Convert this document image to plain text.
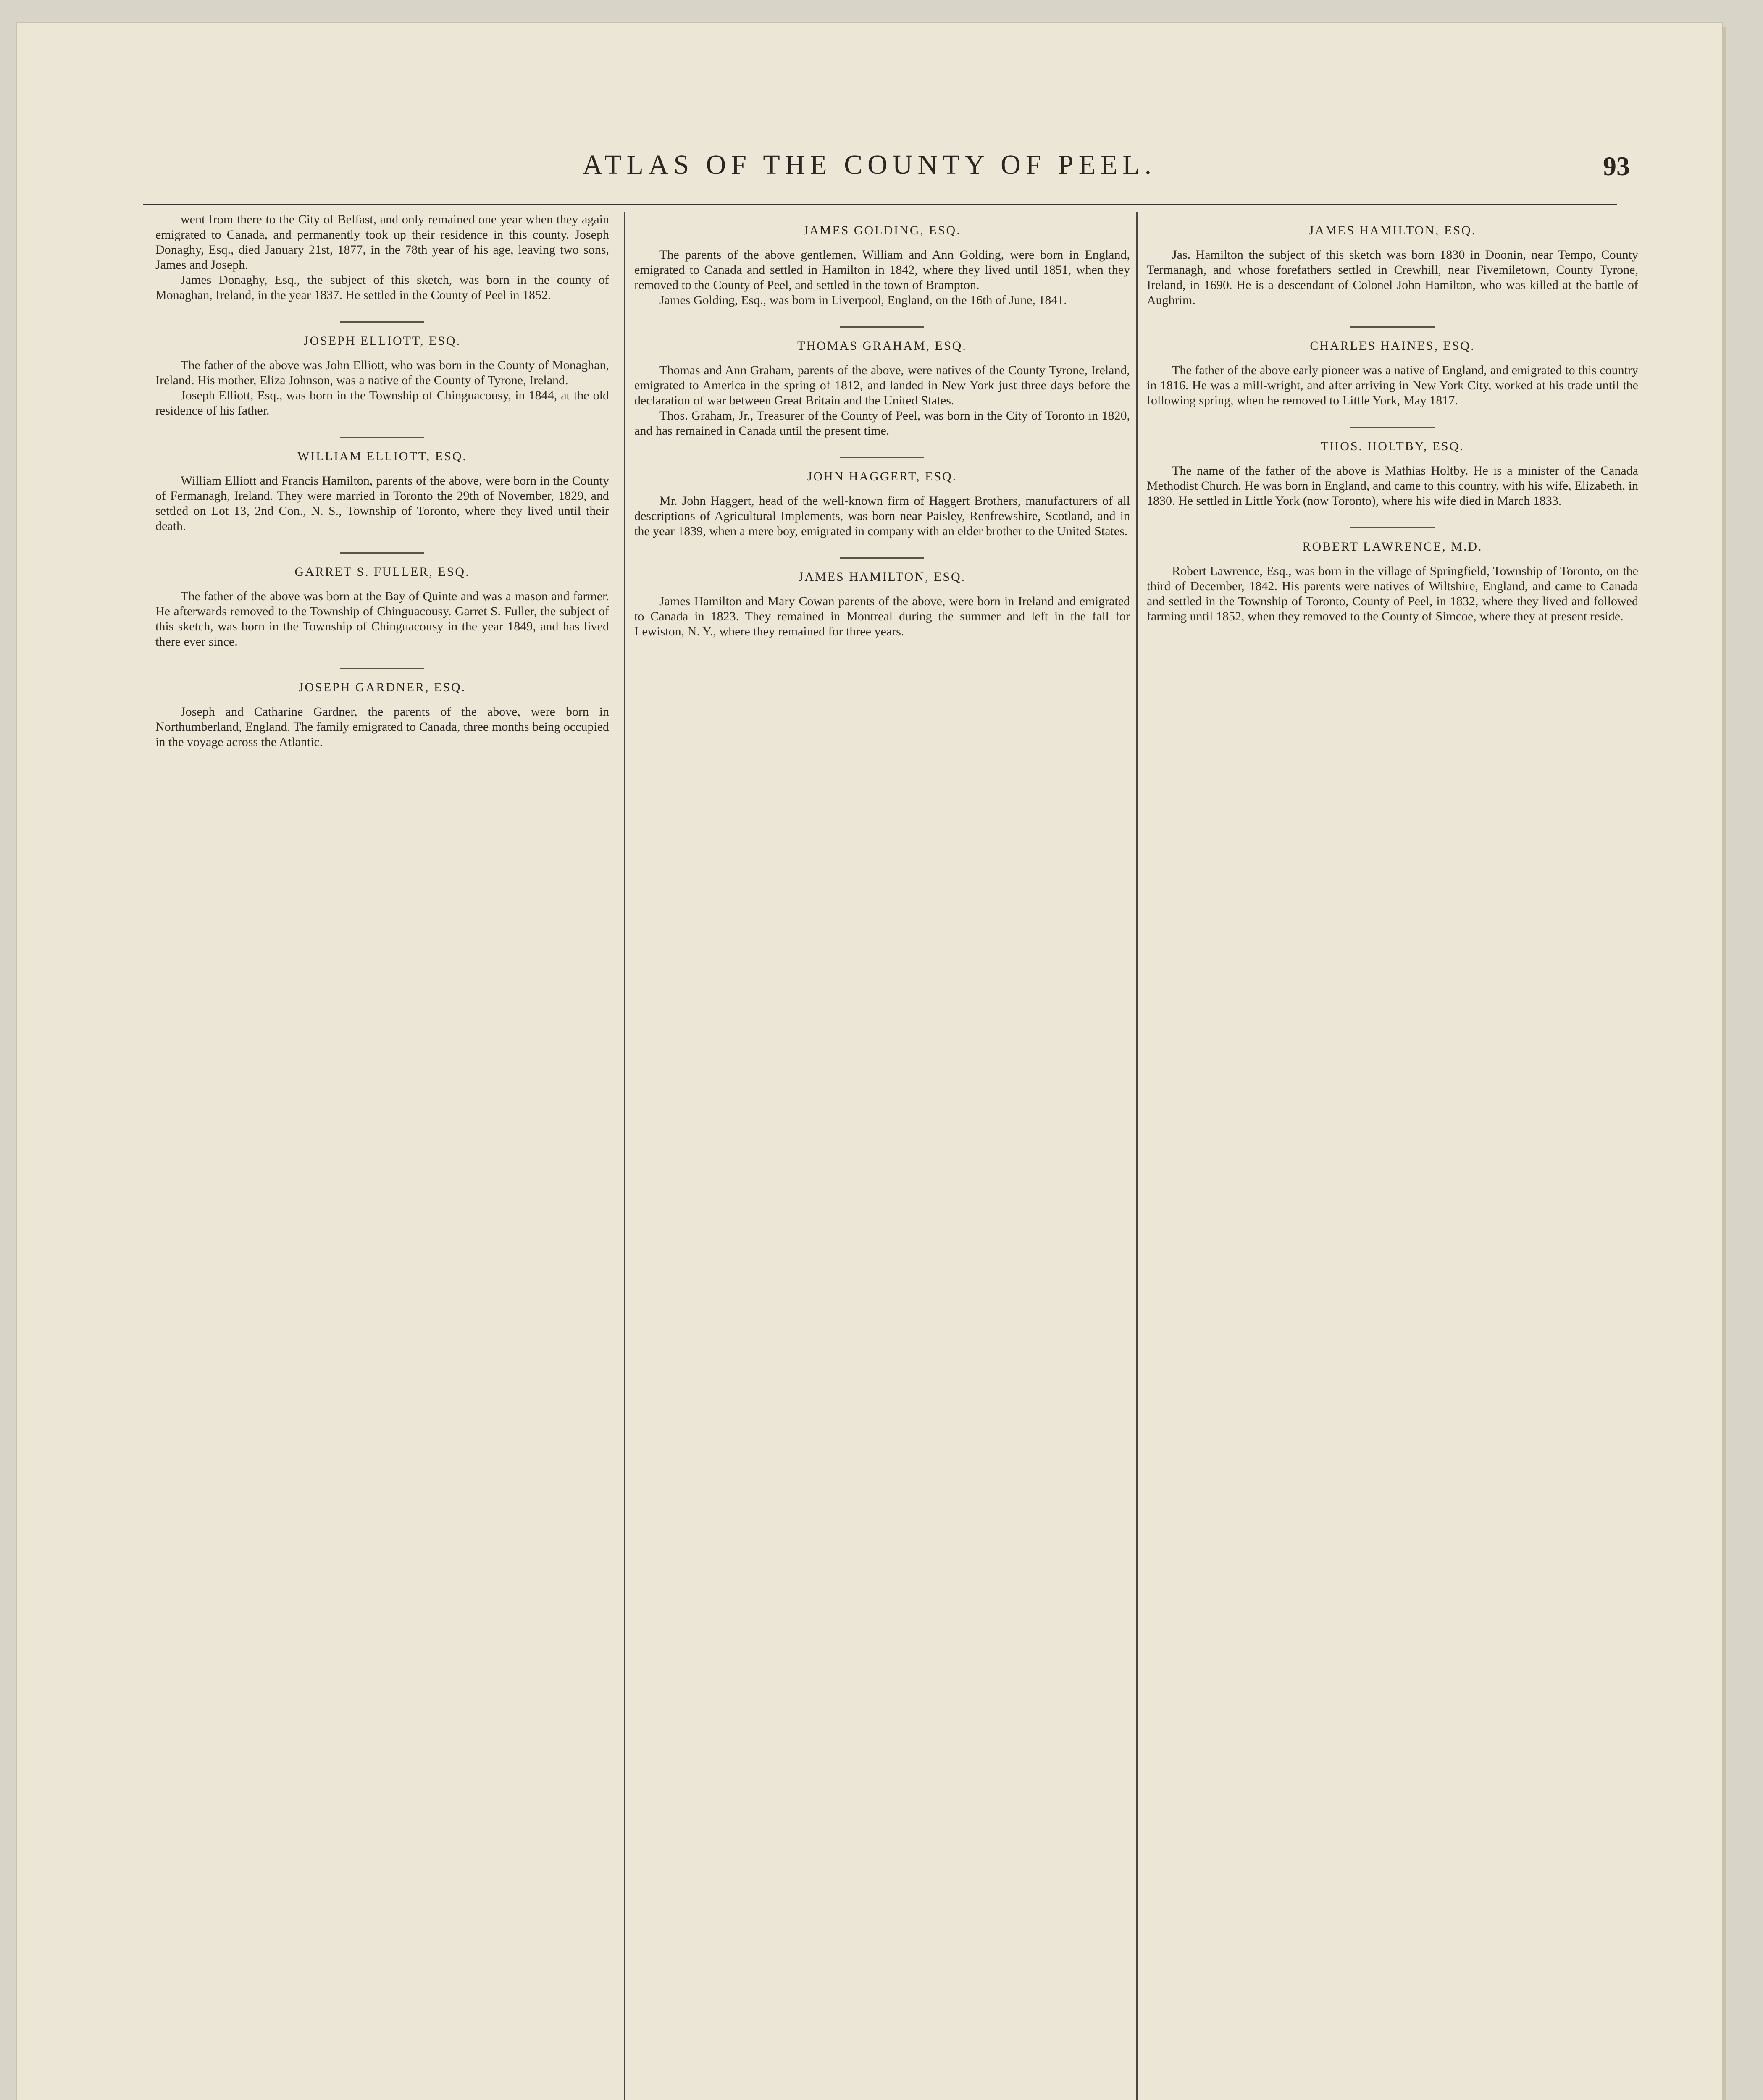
ATLAS OF THE COUNTY OF PEEL.	93

went from there to the City of Belfast, and only remained one year when they again emigrated to Canada, and permanently took up their residence in this county. Joseph Donaghy, Esq., died January 21st, 1877, in the 78th year of his age, leaving two sons, James and Joseph.

James Donaghy, Esq., the subject of this sketch, was born in the county of Monaghan, Ireland, in the year 1837. He settled in the County of Peel in 1852.

JOSEPH ELLIOTT, ESQ.

The father of the above was John Elliott, who was born in the County of Monaghan, Ireland. His mother, Eliza Johnson, was a native of the County of Tyrone, Ireland.

Joseph Elliott, Esq., was born in the Township of Chinguacousy, in 1844, at the old residence of his father.

WILLIAM ELLIOTT, ESQ.

William Elliott and Francis Hamilton, parents of the above, were born in the County of Fermanagh, Ireland. They were married in Toronto the 29th of November, 1829, and settled on Lot 13, 2nd Con., N. S., Township of Toronto, where they lived until their death.

GARRET S. FULLER, ESQ.

The father of the above was born at the Bay of Quinte and was a mason and farmer. He afterwards removed to the Township of Chinguacousy. Garret S. Fuller, the subject of this sketch, was born in the Township of Chinguacousy in the year 1849, and has lived there ever since.

JOSEPH GARDNER, ESQ.

Joseph and Catharine Gardner, the parents of the above, were born in Northumberland, England. The family emigrated to Canada, three months being occupied in the voyage across the Atlantic.

JAMES GOLDING, ESQ.

The parents of the above gentlemen, William and Ann Golding, were born in England, emigrated to Canada and settled in Hamilton in 1842, where they lived until 1851, when they removed to the County of Peel, and settled in the town of Brampton.

James Golding, Esq., was born in Liverpool, England, on the 16th of June, 1841.

THOMAS GRAHAM, ESQ.

Thomas and Ann Graham, parents of the above, were natives of the County Tyrone, Ireland, emigrated to America in the spring of 1812, and landed in New York just three days before the declaration of war between Great Britain and the United States.

Thos. Graham, Jr., Treasurer of the County of Peel, was born in the City of Toronto in 1820, and has remained in Canada until the present time.

JOHN HAGGERT, ESQ.

Mr. John Haggert, head of the well-known firm of Haggert Brothers, manufacturers of all descriptions of Agricultural Implements, was born near Paisley, Renfrewshire, Scotland, and in the year 1839, when a mere boy, emigrated in company with an elder brother to the United States.

JAMES HAMILTON, ESQ.

James Hamilton and Mary Cowan parents of the above, were born in Ireland and emigrated to Canada in 1823. They remained in Montreal during the summer and left in the fall for Lewiston, N. Y., where they remained for three years.

JAMES HAMILTON, ESQ.

Jas. Hamilton the subject of this sketch was born 1830 in Doonin, near Tempo, County Termanagh, and whose forefathers settled in Crewhill, near Fivemiletown, County Tyrone, Ireland, in 1690. He is a descendant of Colonel John Hamilton, who was killed at the battle of Aughrim.

CHARLES HAINES, ESQ.

The father of the above early pioneer was a native of England, and emigrated to this country in 1816. He was a mill-wright, and after arriving in New York City, worked at his trade until the following spring, when he removed to Little York, May 1817.

THOS. HOLTBY, ESQ.

The name of the father of the above is Mathias Holtby. He is a minister of the Canada Methodist Church. He was born in England, and came to this country, with his wife, Elizabeth, in 1830. He settled in Little York (now Toronto), where his wife died in March 1833.

ROBERT LAWRENCE, M.D.

Robert Lawrence, Esq., was born in the village of Springfield, Township of Toronto, on the third of December, 1842. His parents were natives of Wiltshire, England, and came to Canada and settled in the Township of Toronto, County of Peel, in 1832, where they lived and followed farming until 1852, when they removed to the County of Simcoe, where they at present reside.
